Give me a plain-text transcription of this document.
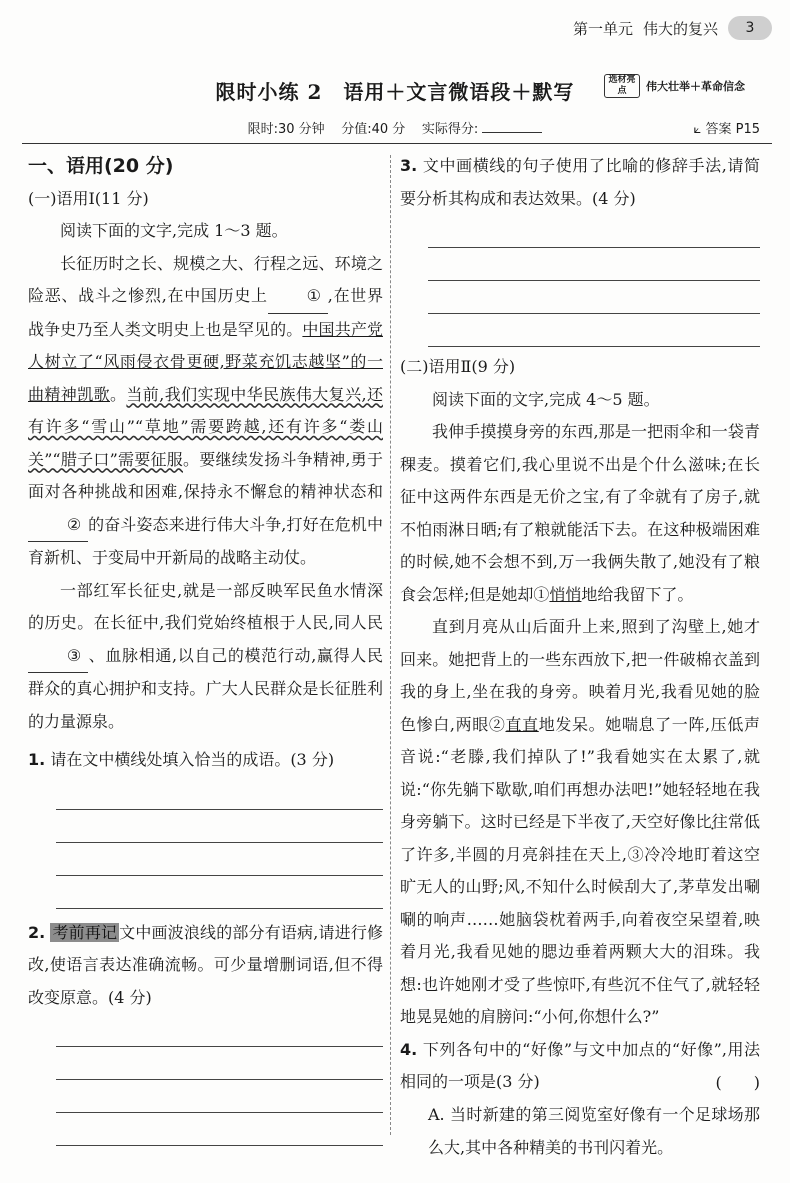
第一单元 伟大的复兴	3
限时小练 2　语用＋文言微语段＋默写	选材亮点	伟大壮举＋革命信念
限时:30 分钟 分值:40 分 实际得分:	⟀ 答案 P15
一、语用(20 分)
(一)语用Ⅰ(11 分)

阅读下面的文字,完成 1～3 题。

长征历时之长、规模之大、行程之远、环境之险恶、战斗之惨烈,在中国历史上 ① ,在世界战争史乃至人类文明史上也是罕见的。中国共产党人树立了“风雨侵衣骨更硬,野菜充饥志越坚”的一曲精神凯歌。当前,我们实现中华民族伟大复兴,还有许多“雪山”“草地”需要跨越,还有许多“娄山关”“腊子口”需要征服。要继续发扬斗争精神,勇于面对各种挑战和困难,保持永不懈怠的精神状态和② 的奋斗姿态来进行伟大斗争,打好在危机中育新机、于变局中开新局的战略主动仗。

一部红军长征史,就是一部反映军民鱼水情深的历史。在长征中,我们党始终植根于人民,同人民③ 、血脉相通,以自己的模范行动,赢得人民群众的真心拥护和支持。广大人民群众是长征胜利的力量源泉。

1. 请在文中横线处填入恰当的成语。(3 分)
2. 考前再记 文中画波浪线的部分有语病,请进行修改,使语言表达准确流畅。可少量增删词语,但不得改变原意。(4 分)
3. 文中画横线的句子使用了比喻的修辞手法,请简要分析其构成和表达效果。(4 分)
(二)语用Ⅱ(9 分)

阅读下面的文字,完成 4～5 题。

我伸手摸摸身旁的东西,那是一把雨伞和一袋青稞麦。摸着它们,我心里说不出是个什么滋味;在长征中这两件东西是无价之宝,有了伞就有了房子,就不怕雨淋日晒;有了粮就能活下去。在这种极端困难的时候,她不会想不到,万一我俩失散了,她没有了粮食会怎样;但是她却①悄悄地给我留下了。

直到月亮从山后面升上来,照到了沟壁上,她才回来。她把背上的一些东西放下,把一件破棉衣盖到我的身上,坐在我的身旁。映着月光,我看见她的脸色惨白,两眼②直直地发呆。她喘息了一阵,压低声音说:“老滕,我们掉队了!”我看她实在太累了,就说:“你先躺下歇歇,咱们再想办法吧!”她轻轻地在我身旁躺下。这时已经是下半夜了,天空好像 ·比往常低了许多,半圆的月亮斜挂在天上,③冷冷地盯着这空旷无人的山野;风,不知什么时候刮大了,茅草发出唰唰的响声……她脑袋枕着两手,向着夜空呆望着,映着月光,我看见她的腮边垂着两颗大大的泪珠。我想:也许她刚才受了些惊吓,有些沉不住气了,就轻轻地晃晃她的肩膀问:“小何,你想什么?”

4. 下列各句中的“好像”与文中加点的“好像”,用法相同的一项是(3 分)	(　　)
A. 当时新建的第三阅览室好像有一个足球场那么大,其中各种精美的书刊闪着光。
